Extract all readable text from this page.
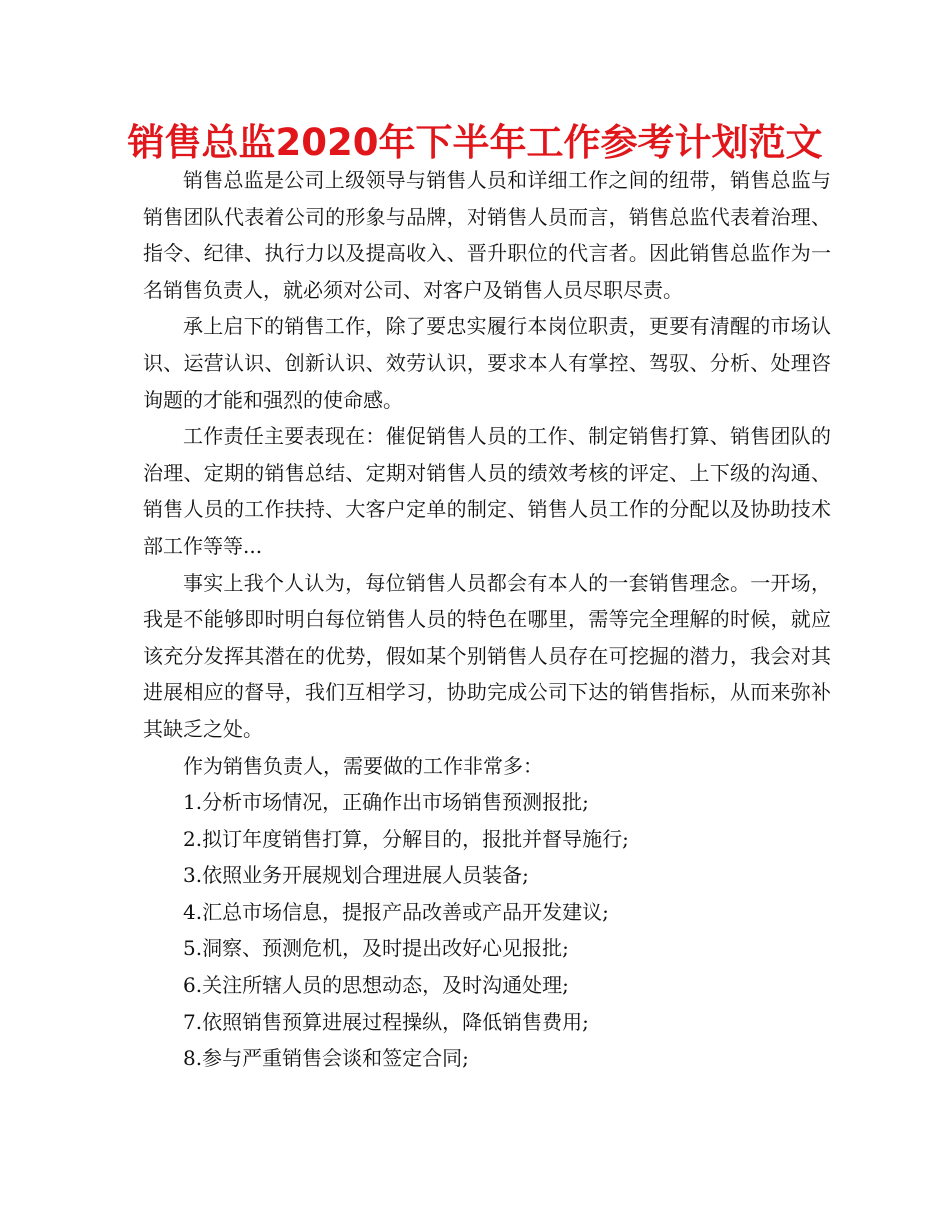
销售总监2020年下半年工作参考计划范文

销售总监是公司上级领导与销售人员和详细工作之间的纽带，销售总监与销售团队代表着公司的形象与品牌，对销售人员而言，销售总监代表着治理、指令、纪律、执行力以及提高收入、晋升职位的代言者。因此销售总监作为一名销售负责人，就必须对公司、对客户及销售人员尽职尽责。

承上启下的销售工作，除了要忠实履行本岗位职责，更要有清醒的市场认识、运营认识、创新认识、效劳认识，要求本人有掌控、驾驭、分析、处理咨询题的才能和强烈的使命感。

工作责任主要表现在：催促销售人员的工作、制定销售打算、销售团队的治理、定期的销售总结、定期对销售人员的绩效考核的评定、上下级的沟通、销售人员的工作扶持、大客户定单的制定、销售人员工作的分配以及协助技术部工作等等...

事实上我个人认为，每位销售人员都会有本人的一套销售理念。一开场，我是不能够即时明白每位销售人员的特色在哪里，需等完全理解的时候，就应该充分发挥其潜在的优势，假如某个别销售人员存在可挖掘的潜力，我会对其进展相应的督导，我们互相学习，协助完成公司下达的销售指标，从而来弥补其缺乏之处。

作为销售负责人，需要做的工作非常多：

1.分析市场情况，正确作出市场销售预测报批;

2.拟订年度销售打算，分解目的，报批并督导施行;

3.依照业务开展规划合理进展人员装备;

4.汇总市场信息，提报产品改善或产品开发建议;

5.洞察、预测危机，及时提出改好心见报批;

6.关注所辖人员的思想动态，及时沟通处理;

7.依照销售预算进展过程操纵，降低销售费用;

8.参与严重销售会谈和签定合同;
